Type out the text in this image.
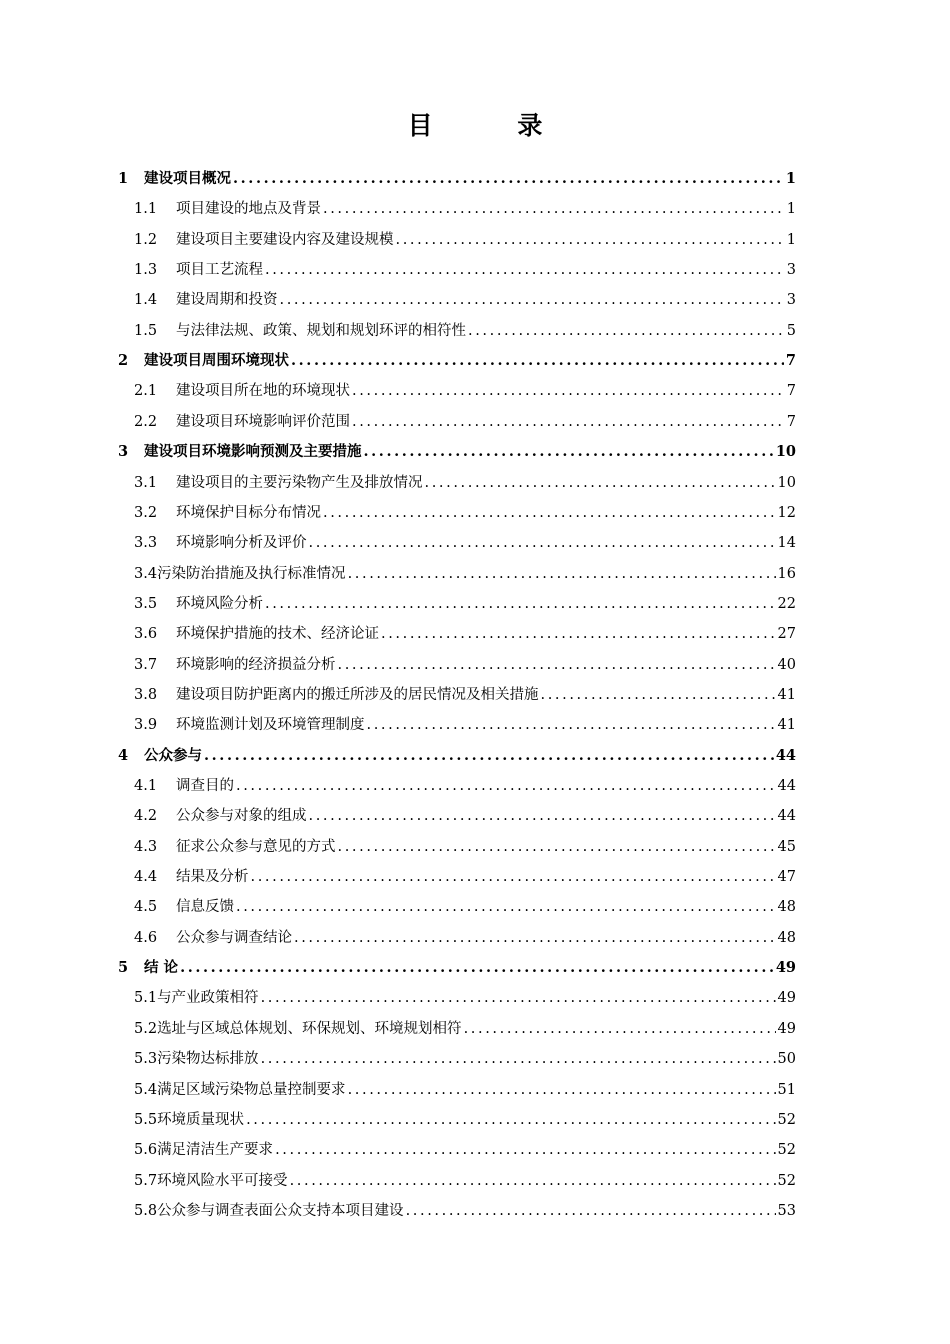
目 录
1	建设项目概况 .....	1
1.1	项目建设的地点及背景 .....	1
1.2	建设项目主要建设内容及建设规模 .....	1
1.3	项目工艺流程 .....	3
1.4	建设周期和投资 .....	3
1.5	与法律法规、政策、规划和规划环评的相符性 .....	5
2	建设项目周围环境现状 .....	7
2.1	建设项目所在地的环境现状 .....	7
2.2	建设项目环境影响评价范围 .....	7
3	建设项目环境影响预测及主要措施 .....	10
3.1	建设项目的主要污染物产生及排放情况 .....	10
3.2	环境保护目标分布情况 .....	12
3.3	环境影响分析及评价 .....	14
3.4 污染防治措施及执行标准情况 .....	16
3.5	环境风险分析 .....	22
3.6	环境保护措施的技术、经济论证 .....	27
3.7	环境影响的经济损益分析 .....	40
3.8	建设项目防护距离内的搬迁所涉及的居民情况及相关措施 .....	41
3.9	环境监测计划及环境管理制度 .....	41
4	公众参与 .....	44
4.1	调查目的 .....	44
4.2	公众参与对象的组成 .....	44
4.3	征求公众参与意见的方式 .....	45
4.4	结果及分析 .....	47
4.5	信息反馈 .....	48
4.6	公众参与调查结论 .....	48
5	结 论 .....	49
5.1 与产业政策相符 .....	49
5.2 选址与区域总体规划、环保规划、环境规划相符 .....	49
5.3 污染物达标排放 .....	50
5.4 满足区域污染物总量控制要求 .....	51
5.5 环境质量现状 .....	52
5.6 满足清洁生产要求 .....	52
5.7 环境风险水平可接受 .....	52
5.8 公众参与调查表面公众支持本项目建设 .....	53
